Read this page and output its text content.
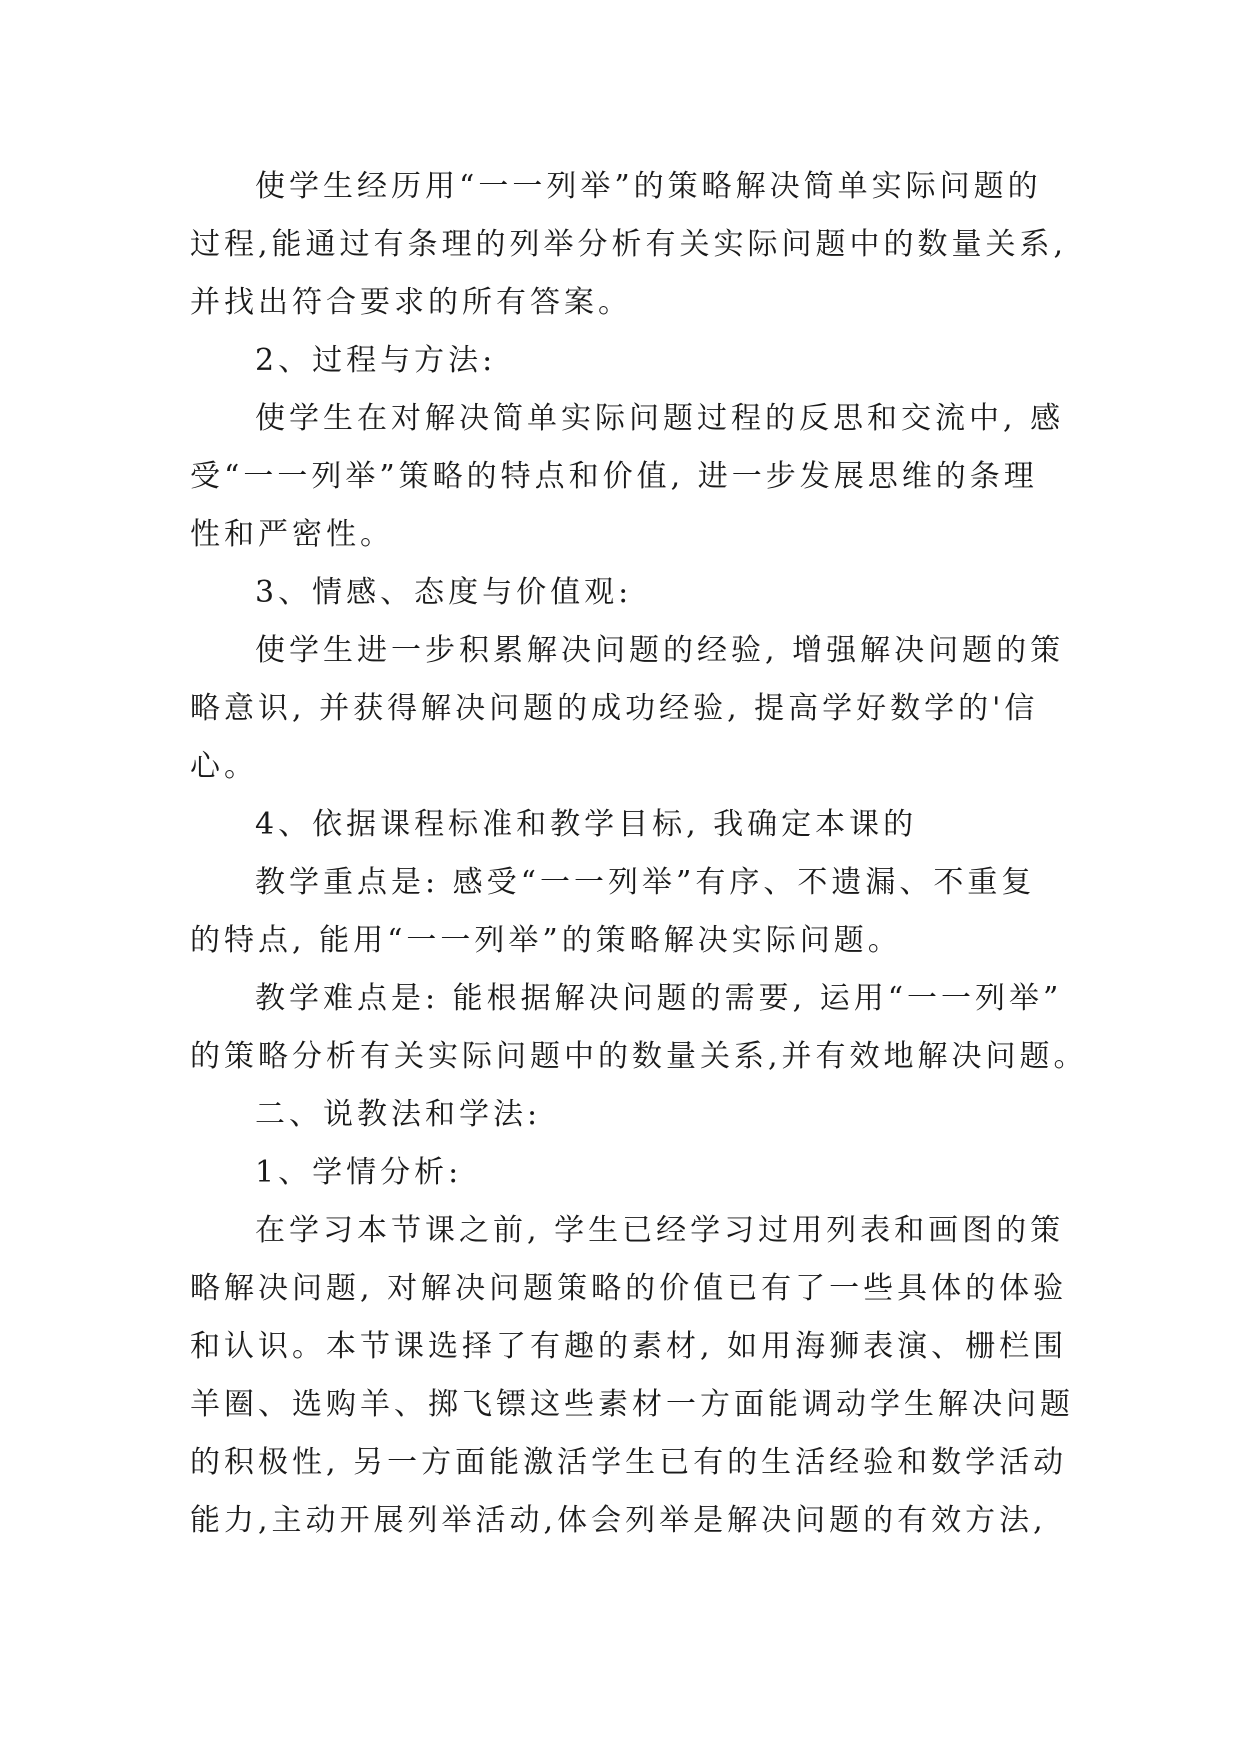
使学生经历用“一一列举”的策略解决简单实际问题的
过程,能通过有条理的列举分析有关实际问题中的数量关系,
并找出符合要求的所有答案。
2、过程与方法:
使学生在对解决简单实际问题过程的反思和交流中, 感
受“一一列举”策略的特点和价值, 进一步发展思维的条理
性和严密性。
3、情感、态度与价值观:
使学生进一步积累解决问题的经验, 增强解决问题的策
略意识, 并获得解决问题的成功经验, 提高学好数学的'信
心。
4、依据课程标准和教学目标, 我确定本课的
教学重点是: 感受“一一列举”有序、不遗漏、不重复
的特点, 能用“一一列举”的策略解决实际问题。
教学难点是: 能根据解决问题的需要, 运用“一一列举”
的策略分析有关实际问题中的数量关系,并有效地解决问题。
二、说教法和学法:
1、学情分析:
在学习本节课之前, 学生已经学习过用列表和画图的策
略解决问题, 对解决问题策略的价值已有了一些具体的体验
和认识。本节课选择了有趣的素材, 如用海狮表演、栅栏围
羊圈、选购羊、掷飞镖这些素材一方面能调动学生解决问题
的积极性, 另一方面能激活学生已有的生活经验和数学活动
能力,主动开展列举活动,体会列举是解决问题的有效方法,
